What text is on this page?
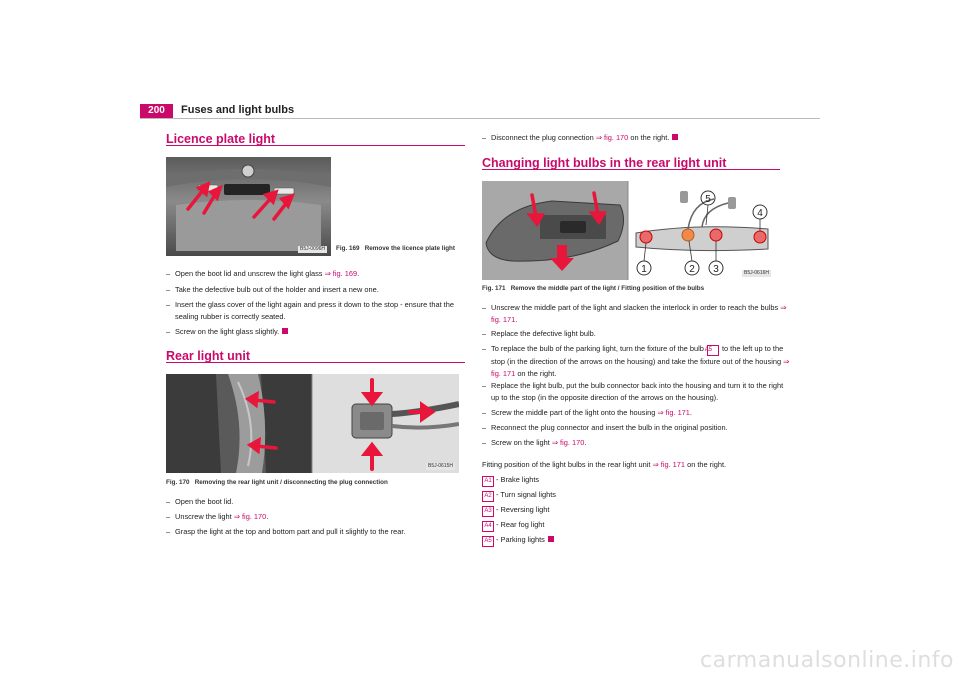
200	Fuses and light bulbs
Licence plate light
B5J-0096H	Fig. 169 Remove the licence plate light
– Open the boot lid and unscrew the light glass ⇒ fig. 169.
– Take the defective bulb out of the holder and insert a new one.
– Insert the glass cover of the light again and press it down to the stop - ensure that the sealing rubber is correctly seated.
– Screw on the light glass slightly.
Rear light unit
B5J-0615H
Fig. 170 Removing the rear light unit / disconnecting the plug connection
– Open the boot lid.
– Unscrew the light ⇒ fig. 170.
– Grasp the light at the top and bottom part and pull it slightly to the rear.
– Disconnect the plug connection ⇒ fig. 170 on the right.
Changing light bulbs in the rear light unit
1	2 3
4
5
B5J-0616H
Fig. 171 Remove the middle part of the light / Fitting position of the bulbs
– Unscrew the middle part of the light and slacken the interlock in order to reach the bulbs ⇒ fig. 171.
– Replace the defective light bulb.
– To replace the bulb of the parking light, turn the fixture of the bulb A5 to the left up to the stop (in the direction of the arrows on the housing) and take the fixture out of the housing ⇒ fig. 171 on the right.
– Replace the light bulb, put the bulb connector back into the housing and turn it to the right up to the stop (in the opposite direction of the arrows on the housing).
– Screw the middle part of the light onto the housing ⇒ fig. 171.
– Reconnect the plug connector and insert the bulb in the original position.
– Screw on the light ⇒ fig. 170.
Fitting position of the light bulbs in the rear light unit ⇒ fig. 171 on the right.
A1 - Brake lights
A2 - Turn signal lights
A3 - Reversing light
A4 - Rear fog light
A5 - Parking lights
carmanualsonline.info
